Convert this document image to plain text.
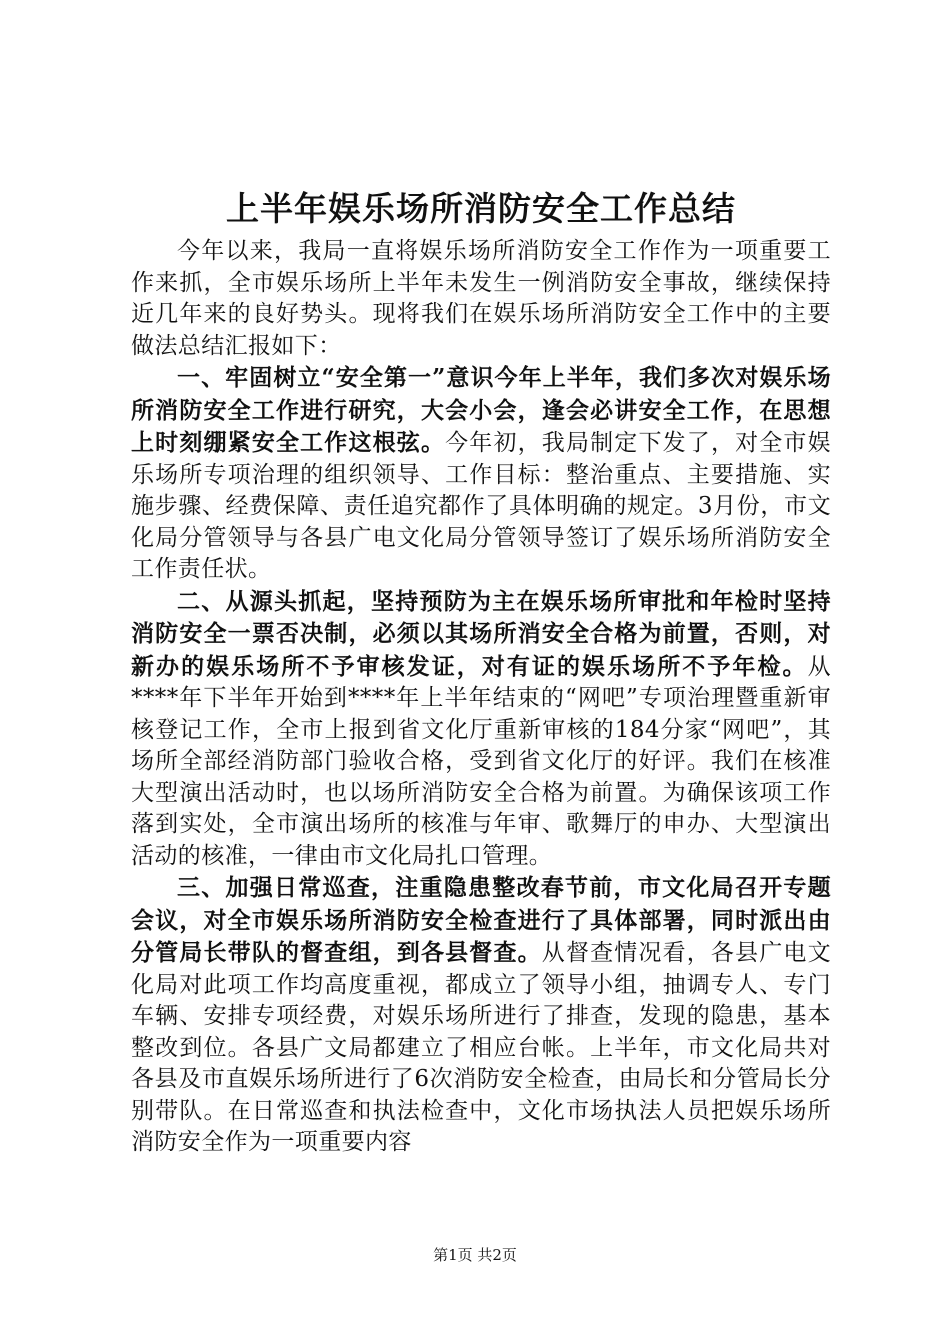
上半年娱乐场所消防安全工作总结

今年以来，我局一直将娱乐场所消防安全工作作为一项重要工作来抓，全市娱乐场所上半年未发生一例消防安全事故，继续保持近几年来的良好势头。现将我们在娱乐场所消防安全工作中的主要做法总结汇报如下：

一、牢固树立“安全第一”意识今年上半年，我们多次对娱乐场所消防安全工作进行研究，大会小会，逢会必讲安全工作，在思想上时刻绷紧安全工作这根弦。今年初，我局制定下发了，对全市娱乐场所专项治理的组织领导、工作目标：整治重点、主要措施、实施步骤、经费保障、责任追究都作了具体明确的规定。3月份，市文化局分管领导与各县广电文化局分管领导签订了娱乐场所消防安全工作责任状。

二、从源头抓起，坚持预防为主在娱乐场所审批和年检时坚持消防安全一票否决制，必须以其场所消安全合格为前置，否则，对新办的娱乐场所不予审核发证，对有证的娱乐场所不予年检。从****年下半年开始到****年上半年结束的“网吧”专项治理暨重新审核登记工作，全市上报到省文化厅重新审核的184分家“网吧”，其场所全部经消防部门验收合格，受到省文化厅的好评。我们在核准大型演出活动时，也以场所消防安全合格为前置。为确保该项工作落到实处，全市演出场所的核准与年审、歌舞厅的申办、大型演出活动的核准，一律由市文化局扎口管理。

三、加强日常巡查，注重隐患整改春节前，市文化局召开专题会议，对全市娱乐场所消防安全检查进行了具体部署，同时派出由分管局长带队的督查组，到各县督查。从督查情况看，各县广电文化局对此项工作均高度重视，都成立了领导小组，抽调专人、专门车辆、安排专项经费，对娱乐场所进行了排查，发现的隐患，基本整改到位。各县广文局都建立了相应台帐。上半年，市文化局共对各县及市直娱乐场所进行了6次消防安全检查，由局长和分管局长分别带队。在日常巡查和执法检查中，文化市场执法人员把娱乐场所消防安全作为一项重要内容

第1页 共2页
